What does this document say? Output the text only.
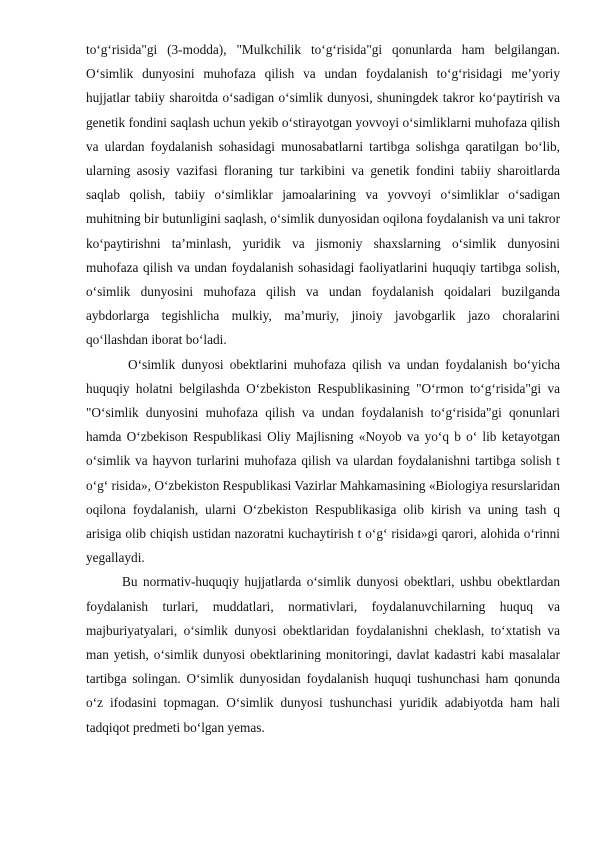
to‘g‘risida"gi (3-modda), "Mulkchilik to‘g‘risida"gi qonunlarda ham belgilangan. O‘simlik dunyosini muhofaza qilish va undan foydalanish to‘g‘risidagi me’yoriy hujjatlar tabiiy sharoitda o‘sadigan o‘simlik dunyosi, shuningdek takror ko‘paytirish va genetik fondini saqlash uchun yekib o‘stirayotgan yovvoyi o‘simliklarni muhofaza qilish va ulardan foydalanish sohasidagi munosabatlarni tartibga solishga qaratilgan bo‘lib, ularning asosiy vazifasi floraning tur tarkibini va genetik fondini tabiiy sharoitlarda saqlab qolish, tabiiy o‘simliklar jamoalarining va yovvoyi o‘simliklar o‘sadigan muhitning bir butunligini saqlash, o‘simlik dunyosidan oqilona foydalanish va uni takror ko‘paytirishni ta’minlash, yuridik va jismoniy shaxslarning o‘simlik dunyosini muhofaza qilish va undan foydalanish sohasidagi faoliyatlarini huquqiy tartibga solish, o‘simlik dunyosini muhofaza qilish va undan foydalanish qoidalari buzilganda aybdorlarga tegishlicha mulkiy, ma’muriy, jinoiy javobgarlik jazo choralarini qo‘llashdan iborat bo‘ladi.

O‘simlik dunyosi obektlarini muhofaza qilish va undan foydalanish bo‘yicha huquqiy holatni belgilashda O‘zbekiston Respublikasining "O‘rmon to‘g‘risida"gi va "O‘simlik dunyosini muhofaza qilish va undan foydalanish to‘g‘risida"gi qonunlari hamda O‘zbekison Respublikasi Oliy Majlisning «Noyob va yo‘q b o‘ lib ketayotgan o‘simlik va hayvon turlarini muhofaza qilish va ulardan foydalanishni tartibga solish t o‘g‘ risida», O‘zbekiston Respublikasi Vazirlar Mahkamasining «Biologiya resurslaridan oqilona foydalanish, ularni O‘zbekiston Respublikasiga olib kirish va uning tash q arisiga olib chiqish ustidan nazoratni kuchaytirish t o‘g‘ risida»gi qarori, alohida o‘rinni yegallaydi.

Bu normativ-huquqiy hujjatlarda o‘simlik dunyosi obektlari, ushbu obektlardan foydalanish turlari, muddatlari, normativlari, foydalanuvchilarning huquq va majburiyatyalari, o‘simlik dunyosi obektlaridan foydalanishni cheklash, to‘xtatish va man yetish, o‘simlik dunyosi obektlarining monitoringi, davlat kadastri kabi masalalar tartibga solingan. O‘simlik dunyosidan foydalanish huquqi tushunchasi ham qonunda o‘z ifodasini topmagan. O‘simlik dunyosi tushunchasi yuridik adabiyotda ham hali tadqiqot predmeti bo‘lgan yemas.
